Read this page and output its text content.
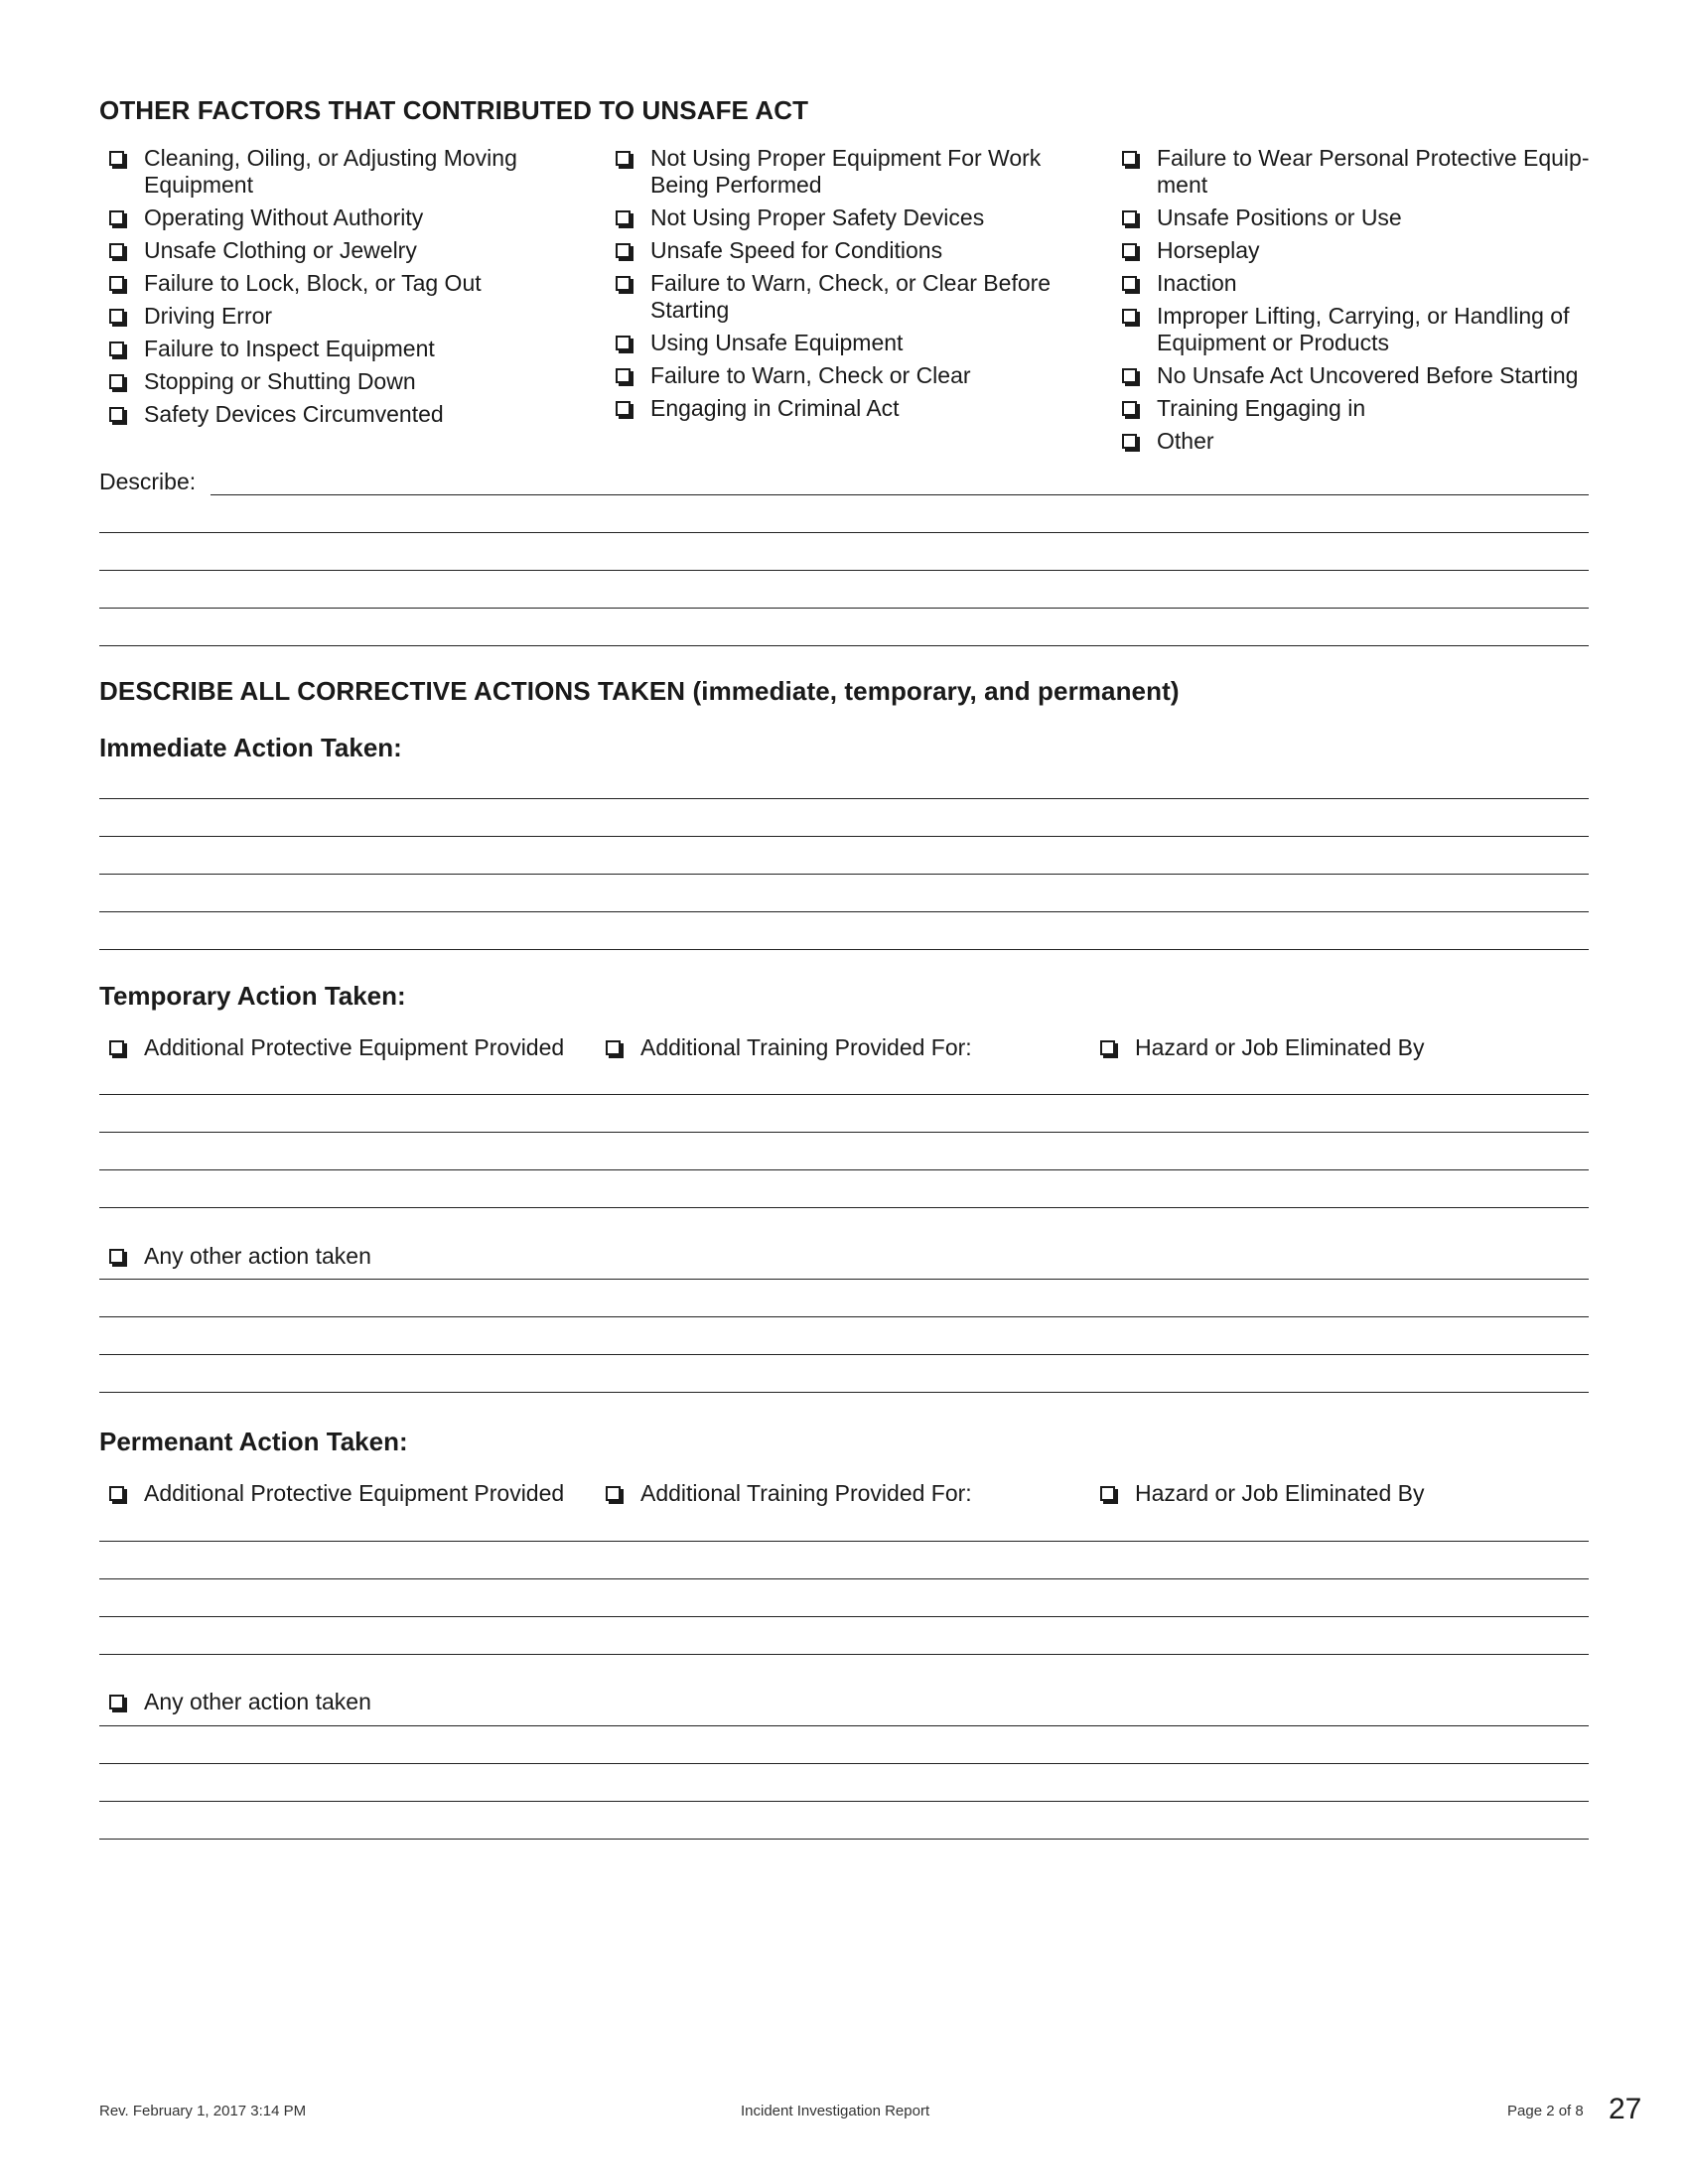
OTHER FACTORS THAT CONTRIBUTED TO UNSAFE ACT
Cleaning, Oiling, or Adjusting Moving Equipment
Operating Without Authority
Unsafe Clothing or Jewelry
Failure to Lock, Block, or Tag Out
Driving Error
Failure to Inspect Equipment
Stopping or Shutting Down
Safety Devices Circumvented
Not Using Proper Equipment For Work Being Performed
Not Using Proper Safety Devices
Unsafe Speed for Conditions
Failure to Warn, Check, or Clear Before Starting
Using Unsafe Equipment
Failure to Warn, Check or Clear
Engaging in Criminal Act
Failure to Wear Personal Protective Equip-ment
Unsafe Positions or Use
Horseplay
Inaction
Improper Lifting, Carrying, or Handling of Equipment or Products
No Unsafe Act Uncovered Before Starting
Training Engaging in
Other
Describe:
DESCRIBE ALL CORRECTIVE ACTIONS TAKEN (immediate, temporary, and permanent)
Immediate Action Taken:
Temporary Action Taken:
Additional Protective Equipment Provided	Additional Training Provided For:	Hazard or Job Eliminated By
Any other action taken
Permenant Action Taken:
Additional Protective Equipment Provided	Additional Training Provided For:	Hazard or Job Eliminated By
Any other action taken
Rev. February 1, 2017 3:14 PM	Incident Investigation Report	Page 2 of 8 27
